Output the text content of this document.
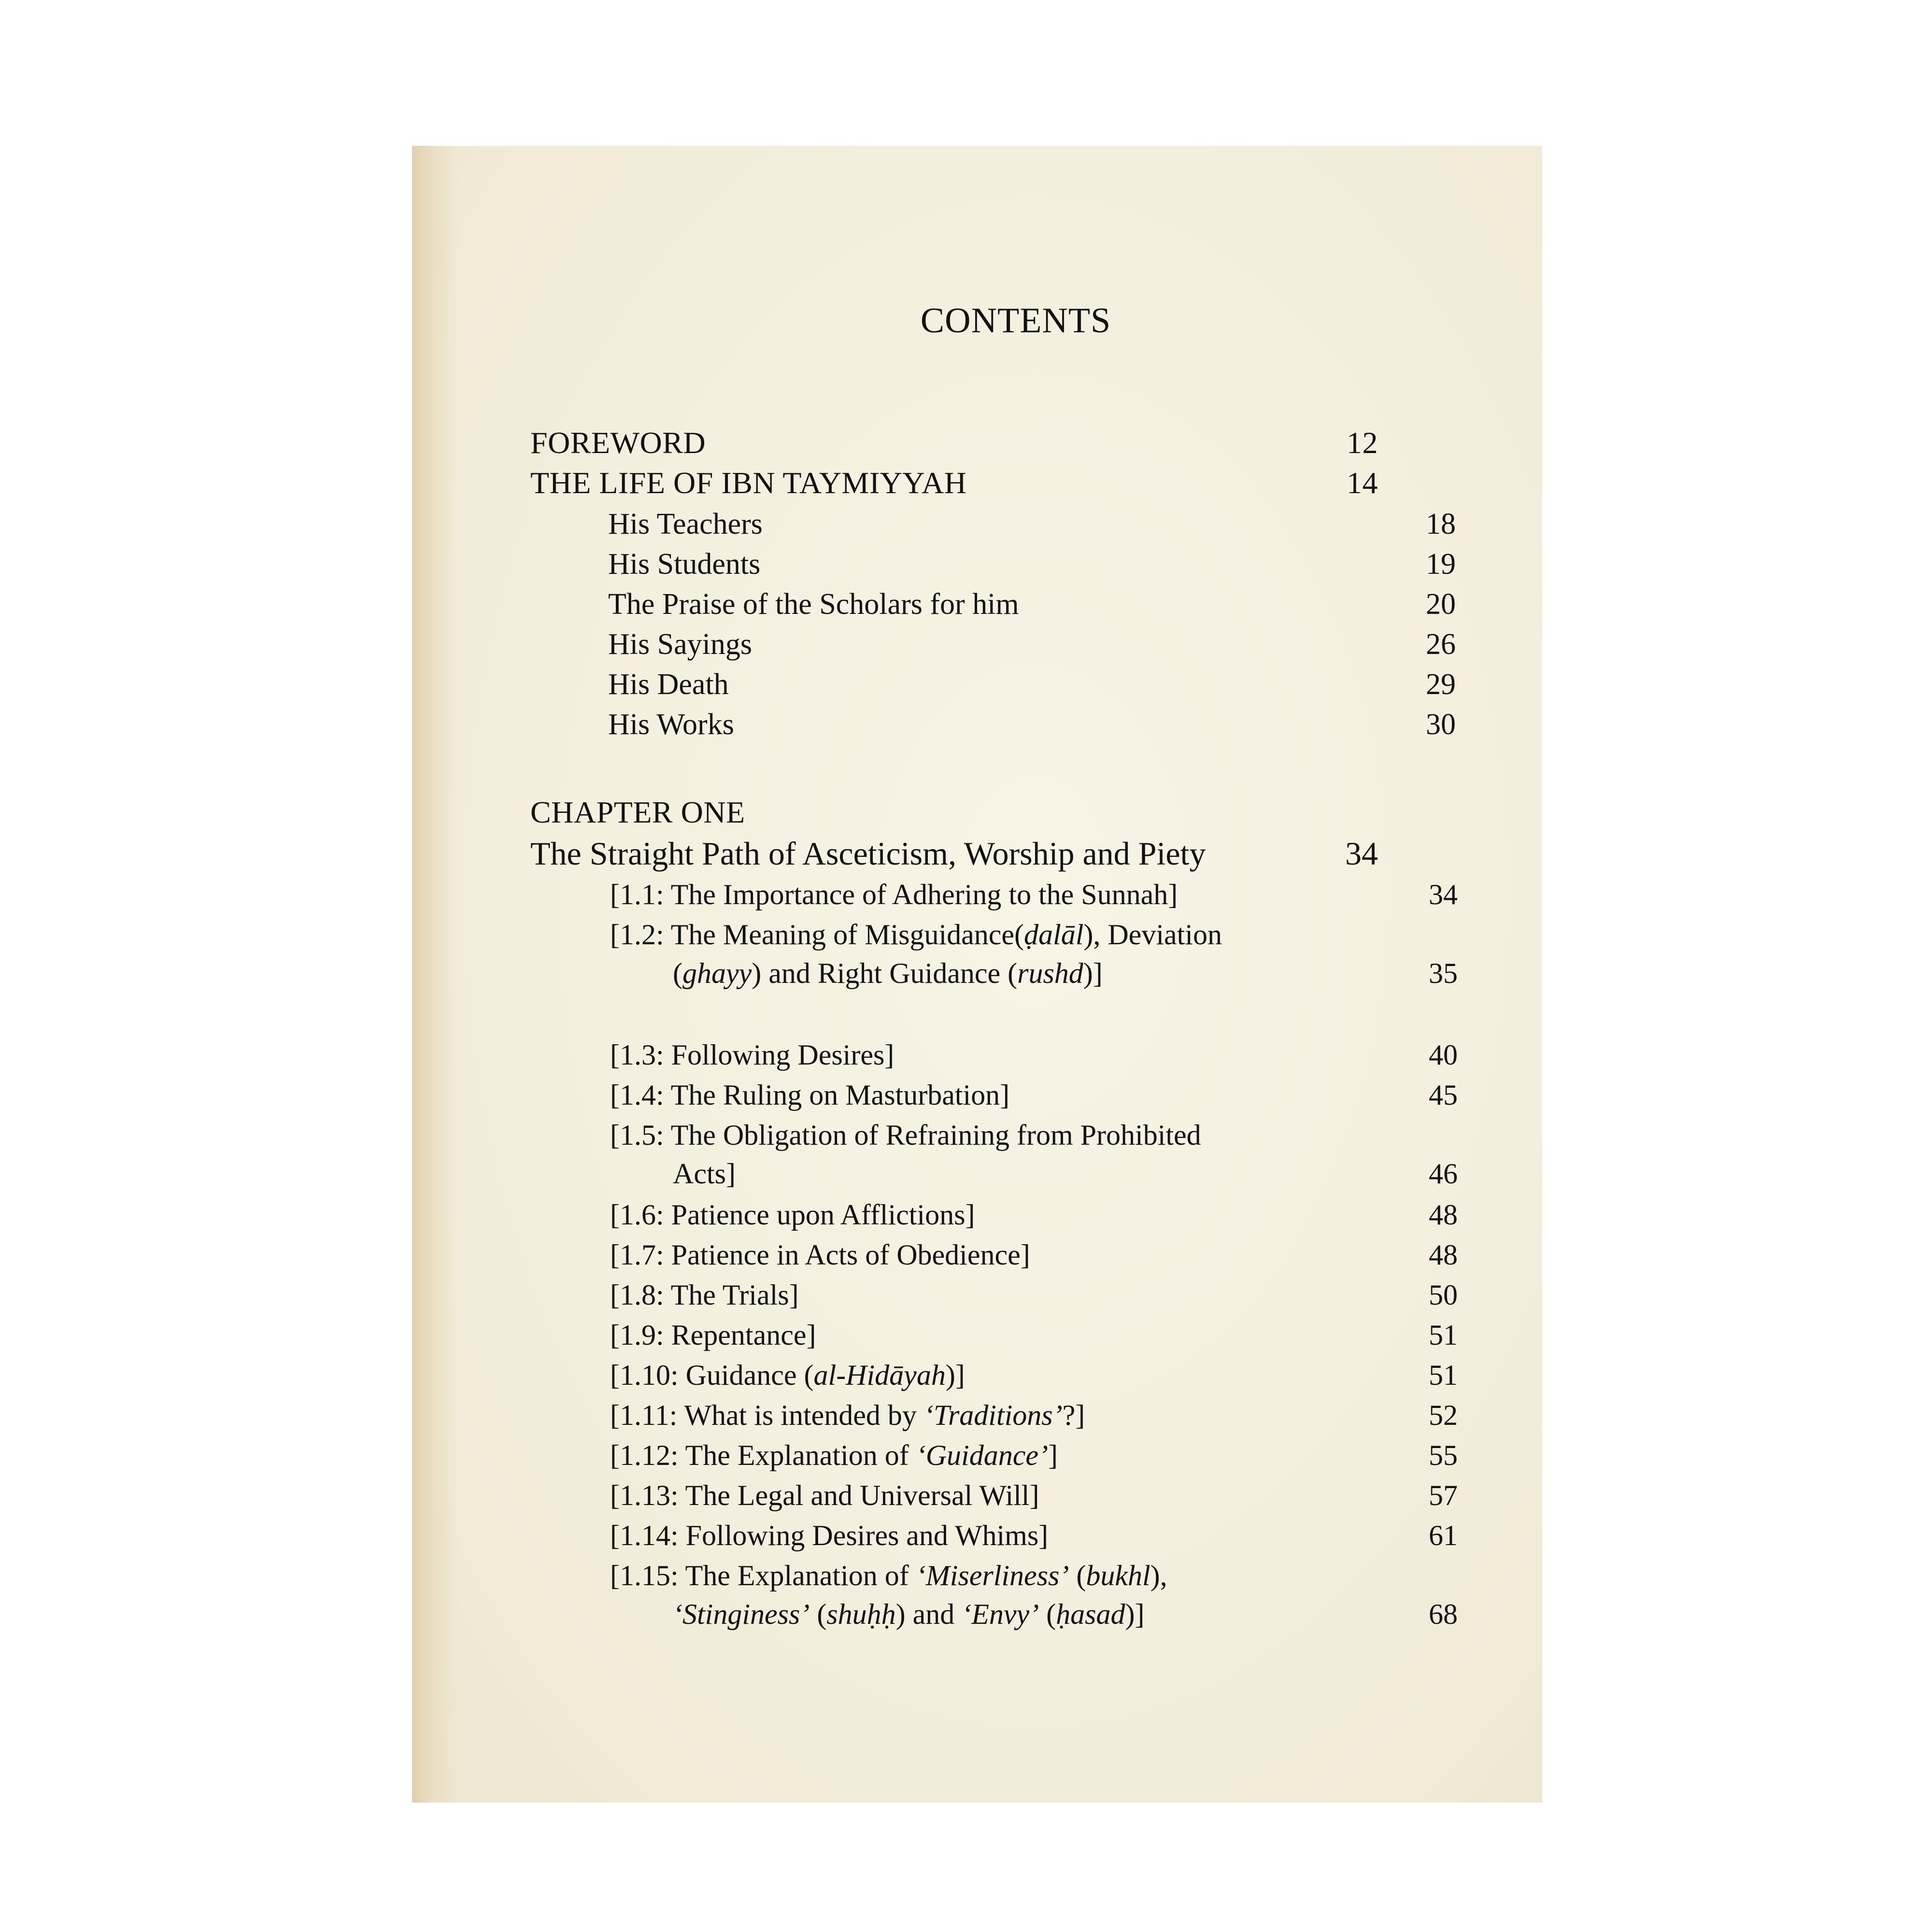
CONTENTS
FOREWORD	12
THE LIFE OF IBN TAYMIYYAH	14
His Teachers	18
His Students	19
The Praise of the Scholars for him	20
His Sayings	26
His Death	29
His Works	30
CHAPTER ONE
The Straight Path of Asceticism, Worship and Piety	34
[1.1: The Importance of Adhering to the Sunnah]	34
[1.2: The Meaning of Misguidance(ḍalāl), Deviation
(ghayy) and Right Guidance (rushd)]	35
[1.3: Following Desires]	40
[1.4: The Ruling on Masturbation]	45
[1.5: The Obligation of Refraining from Prohibited
Acts]	46
[1.6: Patience upon Afflictions]	48
[1.7: Patience in Acts of Obedience]	48
[1.8: The Trials]	50
[1.9: Repentance]	51
[1.10: Guidance (al-Hidāyah)]	51
[1.11: What is intended by ‘Traditions’?]	52
[1.12: The Explanation of ‘Guidance’]	55
[1.13: The Legal and Universal Will]	57
[1.14: Following Desires and Whims]	61
[1.15: The Explanation of ‘Miserliness’ (bukhl),
‘Stinginess’ (shuḥḥ) and ‘Envy’ (ḥasad)]	68
